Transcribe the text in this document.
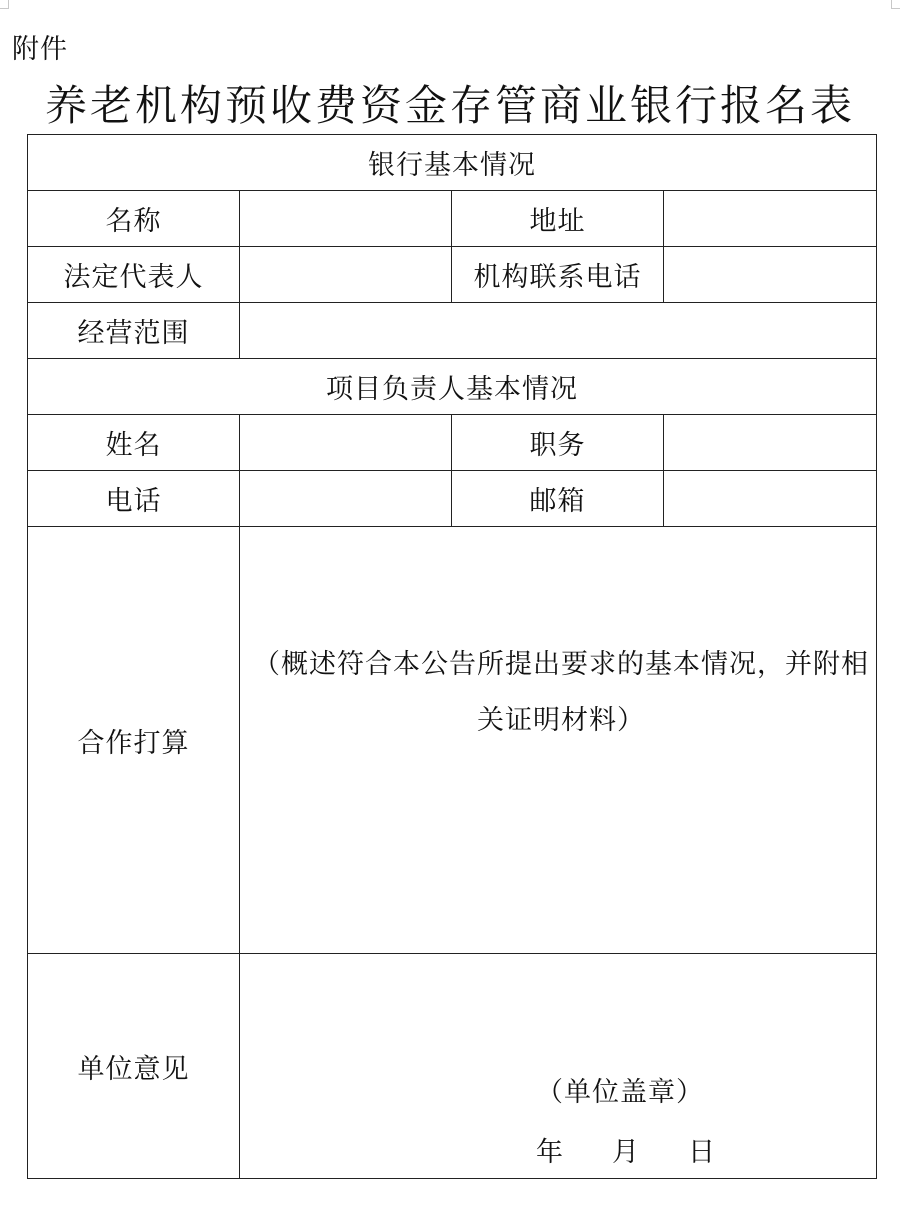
附件
养老机构预收费资金存管商业银行报名表
银行基本情况			
名称		地址	
法定代表人		机构联系电话	
经营范围			
项目负责人基本情况			
姓名		职务	
电话		邮箱	
合作打算	（概述符合本公告所提出要求的基本情况，并附相关证明材料）		

单位意见	（单位盖章）
年 月 日		
